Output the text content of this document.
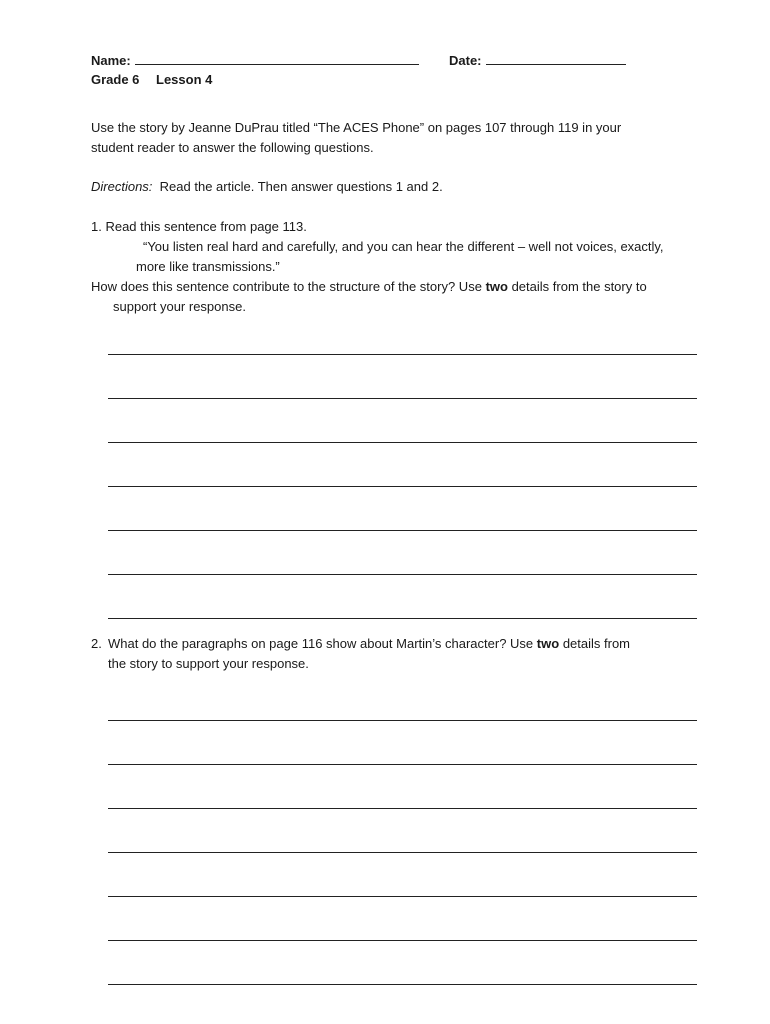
Name:	Date:
Grade 6 Lesson 4
Use the story by Jeanne DuPrau titled “The ACES Phone” on pages 107 through 119 in your
student reader to answer the following questions.
Directions: Read the article. Then answer questions 1 and 2.
1. Read this sentence from page 113.
“You listen real hard and carefully, and you can hear the different – well not voices, exactly,
more like transmissions.”
How does this sentence contribute to the structure of the story? Use two details from the story to
support your response.
2. What do the paragraphs on page 116 show about Martin’s character? Use two details from
the story to support your response.
